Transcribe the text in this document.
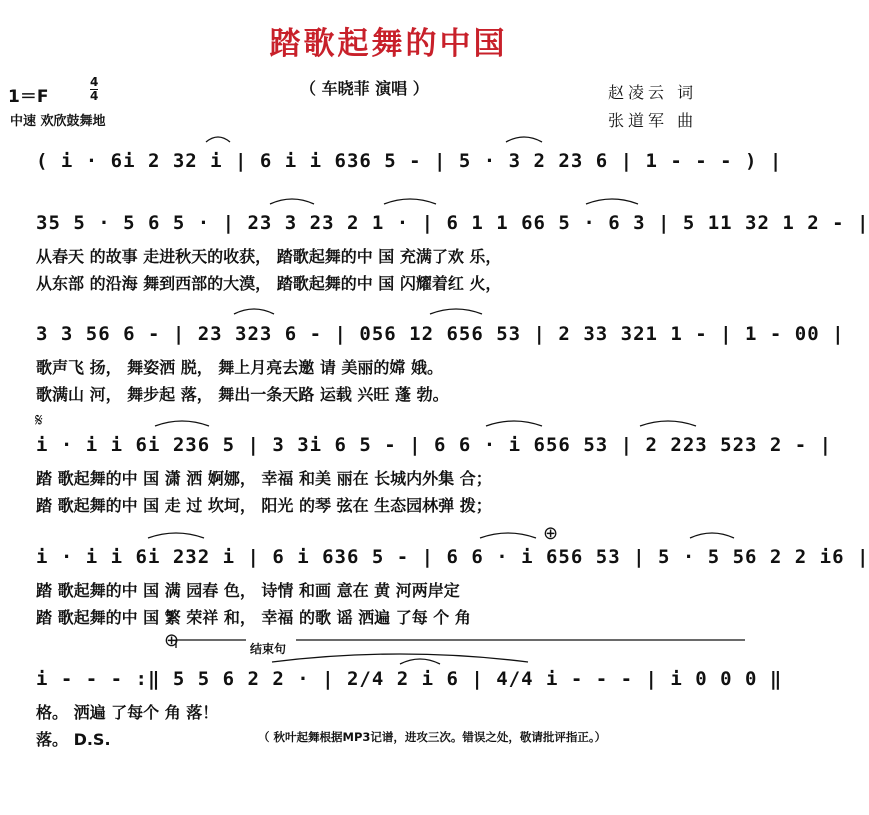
踏歌起舞的中国
（ 车晓菲 演唱 ）
1＝F	$\frac{4}{4}$
中速 欢欣鼓舞地
赵凌云 词
张道军 曲
( i · 6i 2 32 i | 6 i i 636 5 - | 5 · 3 2 23 6 | 1 - - - ) |
35 5 · 5 6 5 · | 23 3 23 2 1 · | 6 1 1 66 5 · 6 3 | 5 11 32 1 2 - |
从春天 的故事 走进秋天的收获， 踏歌起舞的中 国 充满了欢 乐，
从东部 的沿海 舞到西部的大漠， 踏歌起舞的中 国 闪耀着红 火，
3 3 56 6 - | 23 323 6 - | 056 12 656 53 | 2 33 321 1 - | 1 - 00 |
歌声飞 扬， 舞姿洒 脱， 舞上月亮去邀 请 美丽的嫦 娥。
歌满山 河， 舞步起 落， 舞出一条天路 运载 兴旺 蓬 勃。
𝄋
i · i i 6i 236 5 | 3 3i 6 5 - | 6 6 · i 656 53 | 2 223 523 2 - |
踏 歌起舞的中 国 潇 洒 婀娜， 幸福 和美 丽在 长城内外集 合；
踏 歌起舞的中 国 走 过 坎坷， 阳光 的琴 弦在 生态园林弹 拨；
⊕
i · i i 6i 232 i | 6 i 636 5 - | 6 6 · i 656 53 | 5 · 5 56 2 2 i6 |
踏 歌起舞的中 国 满 园春 色， 诗情 和画 意在 黄 河两岸定
踏 歌起舞的中 国 繁 荣祥 和， 幸福 的歌 谣 洒遍 了每 个 角
⊕	结束句
i - - - :‖ 5 5 6 2 2 · | 2/4 2 i 6 | 4/4 i - - - | i 0 0 0 ‖
格。 洒遍 了每个 角 落！
落。 D.S.	（ 秋叶起舞根据MP3记谱，进攻三次。错误之处，敬请批评指正。）
